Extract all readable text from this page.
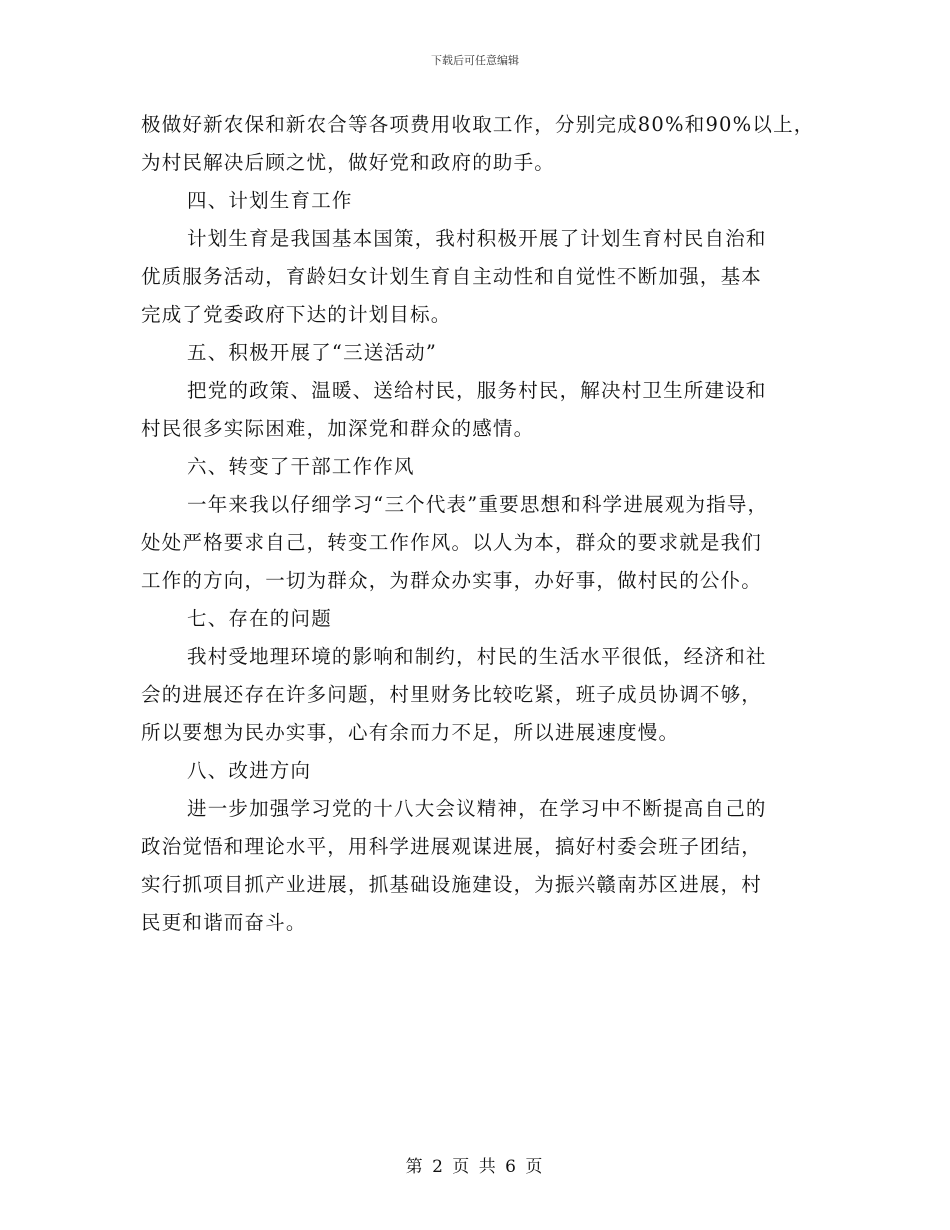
下载后可任意编辑
极做好新农保和新农合等各项费用收取工作，分别完成80%和90%以上，
为村民解决后顾之忧，做好党和政府的助手。
四、计划生育工作
计划生育是我国基本国策，我村积极开展了计划生育村民自治和
优质服务活动，育龄妇女计划生育自主动性和自觉性不断加强，基本
完成了党委政府下达的计划目标。
五、积极开展了“三送活动”
把党的政策、温暖、送给村民，服务村民，解决村卫生所建设和
村民很多实际困难，加深党和群众的感情。
六、转变了干部工作作风
一年来我以仔细学习“三个代表”重要思想和科学进展观为指导，
处处严格要求自己，转变工作作风。以人为本，群众的要求就是我们
工作的方向，一切为群众，为群众办实事，办好事，做村民的公仆。
七、存在的问题
我村受地理环境的影响和制约，村民的生活水平很低，经济和社
会的进展还存在许多问题，村里财务比较吃紧，班子成员协调不够，
所以要想为民办实事，心有余而力不足，所以进展速度慢。
八、改进方向
进一步加强学习党的十八大会议精神，在学习中不断提高自己的
政治觉悟和理论水平，用科学进展观谋进展，搞好村委会班子团结，
实行抓项目抓产业进展，抓基础设施建设，为振兴赣南苏区进展，村
民更和谐而奋斗。
第 2 页 共 6 页
